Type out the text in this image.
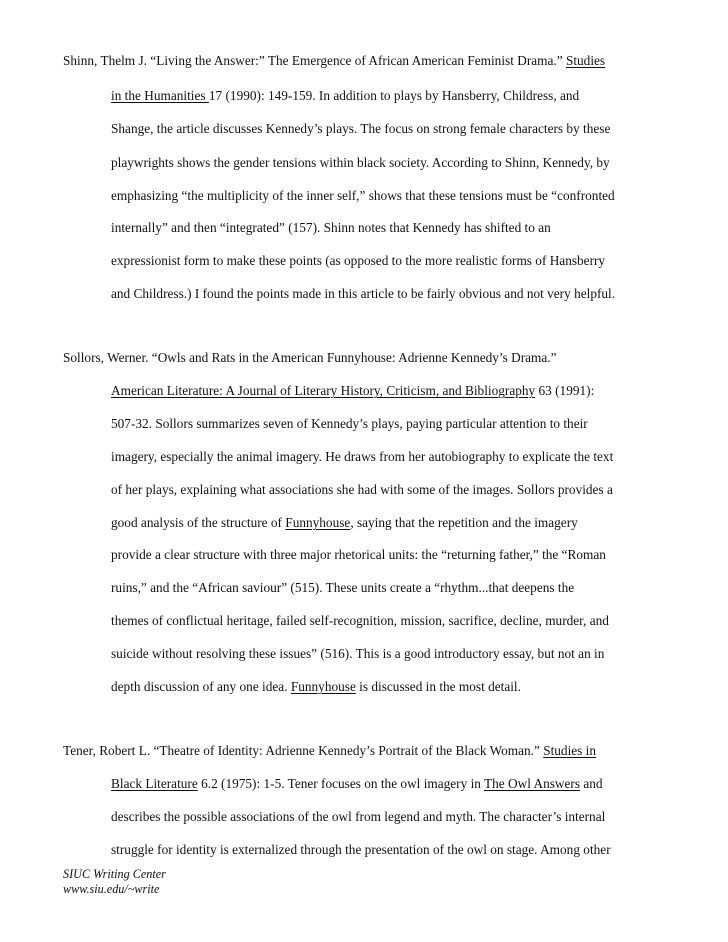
Shinn, Thelm J. “Living the Answer:” The Emergence of African American Feminist Drama.” Studies
in the Humanities 17 (1990): 149-159. In addition to plays by Hansberry, Childress, and
Shange, the article discusses Kennedy’s plays. The focus on strong female characters by these
playwrights shows the gender tensions within black society. According to Shinn, Kennedy, by
emphasizing “the multiplicity of the inner self,” shows that these tensions must be “confronted
internally” and then “integrated” (157). Shinn notes that Kennedy has shifted to an
expressionist form to make these points (as opposed to the more realistic forms of Hansberry
and Childress.) I found the points made in this article to be fairly obvious and not very helpful.
Sollors, Werner. “Owls and Rats in the American Funnyhouse: Adrienne Kennedy’s Drama.”
American Literature: A Journal of Literary History, Criticism, and Bibliography 63 (1991):
507-32. Sollors summarizes seven of Kennedy’s plays, paying particular attention to their
imagery, especially the animal imagery. He draws from her autobiography to explicate the text
of her plays, explaining what associations she had with some of the images. Sollors provides a
good analysis of the structure of Funnyhouse, saying that the repetition and the imagery
provide a clear structure with three major rhetorical units: the “returning father,” the “Roman
ruins,” and the “African saviour” (515). These units create a “rhythm...that deepens the
themes of conflictual heritage, failed self-recognition, mission, sacrifice, decline, murder, and
suicide without resolving these issues” (516). This is a good introductory essay, but not an in
depth discussion of any one idea. Funnyhouse is discussed in the most detail.
Tener, Robert L. “Theatre of Identity: Adrienne Kennedy’s Portrait of the Black Woman.” Studies in
Black Literature 6.2 (1975): 1-5. Tener focuses on the owl imagery in The Owl Answers and
describes the possible associations of the owl from legend and myth. The character’s internal
struggle for identity is externalized through the presentation of the owl on stage. Among other
SIUC Writing Center
www.siu.edu/~write
